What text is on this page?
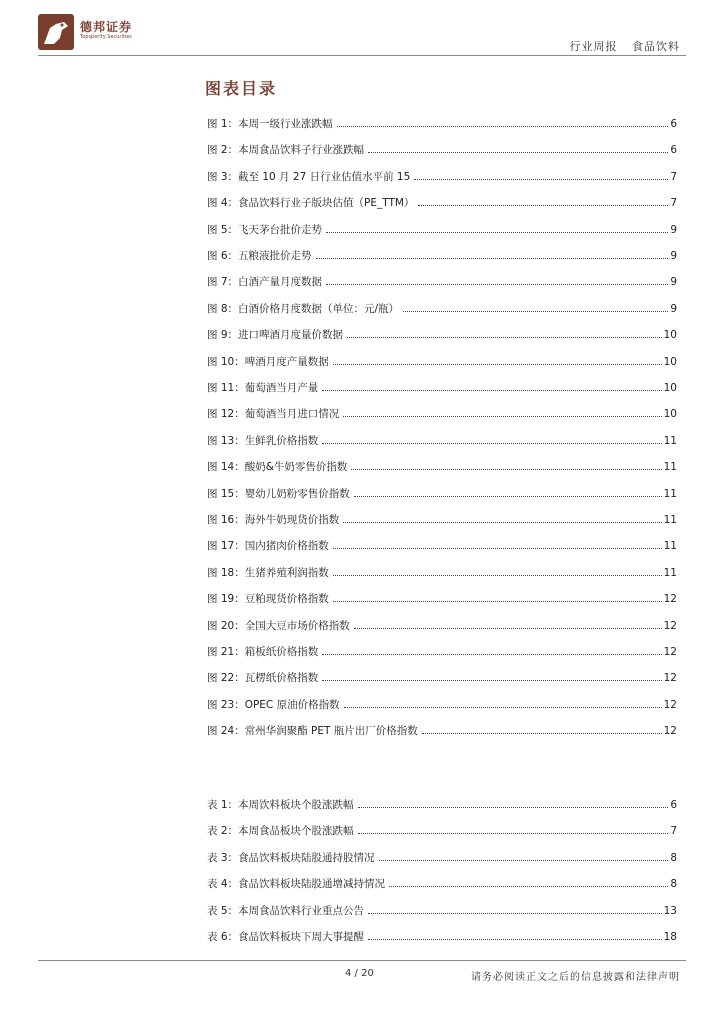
德邦证券
Topsperity Securities
行业周报 食品饮料
图表目录
图 1：本周一级行业涨跌幅	6
图 2：本周食品饮料子行业涨跌幅	6
图 3：截至 10 月 27 日行业估值水平前 15	7
图 4：食品饮料行业子版块估值（PE_TTM）	7
图 5：飞天茅台批价走势	9
图 6：五粮液批价走势	9
图 7：白酒产量月度数据	9
图 8：白酒价格月度数据（单位：元/瓶）	9
图 9：进口啤酒月度量价数据	10
图 10：啤酒月度产量数据	10
图 11：葡萄酒当月产量	10
图 12：葡萄酒当月进口情况	10
图 13：生鲜乳价格指数	11
图 14：酸奶&牛奶零售价指数	11
图 15：婴幼儿奶粉零售价指数	11
图 16：海外牛奶现货价指数	11
图 17：国内猪肉价格指数	11
图 18：生猪养殖利润指数	11
图 19：豆粕现货价格指数	12
图 20：全国大豆市场价格指数	12
图 21：箱板纸价格指数	12
图 22：瓦楞纸价格指数	12
图 23：OPEC 原油价格指数	12
图 24：常州华润聚酯 PET 瓶片出厂价格指数	12
表 1：本周饮料板块个股涨跌幅	6
表 2：本周食品板块个股涨跌幅	7
表 3：食品饮料板块陆股通持股情况	8
表 4：食品饮料板块陆股通增减持情况	8
表 5：本周食品饮料行业重点公告	13
表 6：食品饮料板块下周大事提醒	18
4 / 20	请务必阅读正文之后的信息披露和法律声明
